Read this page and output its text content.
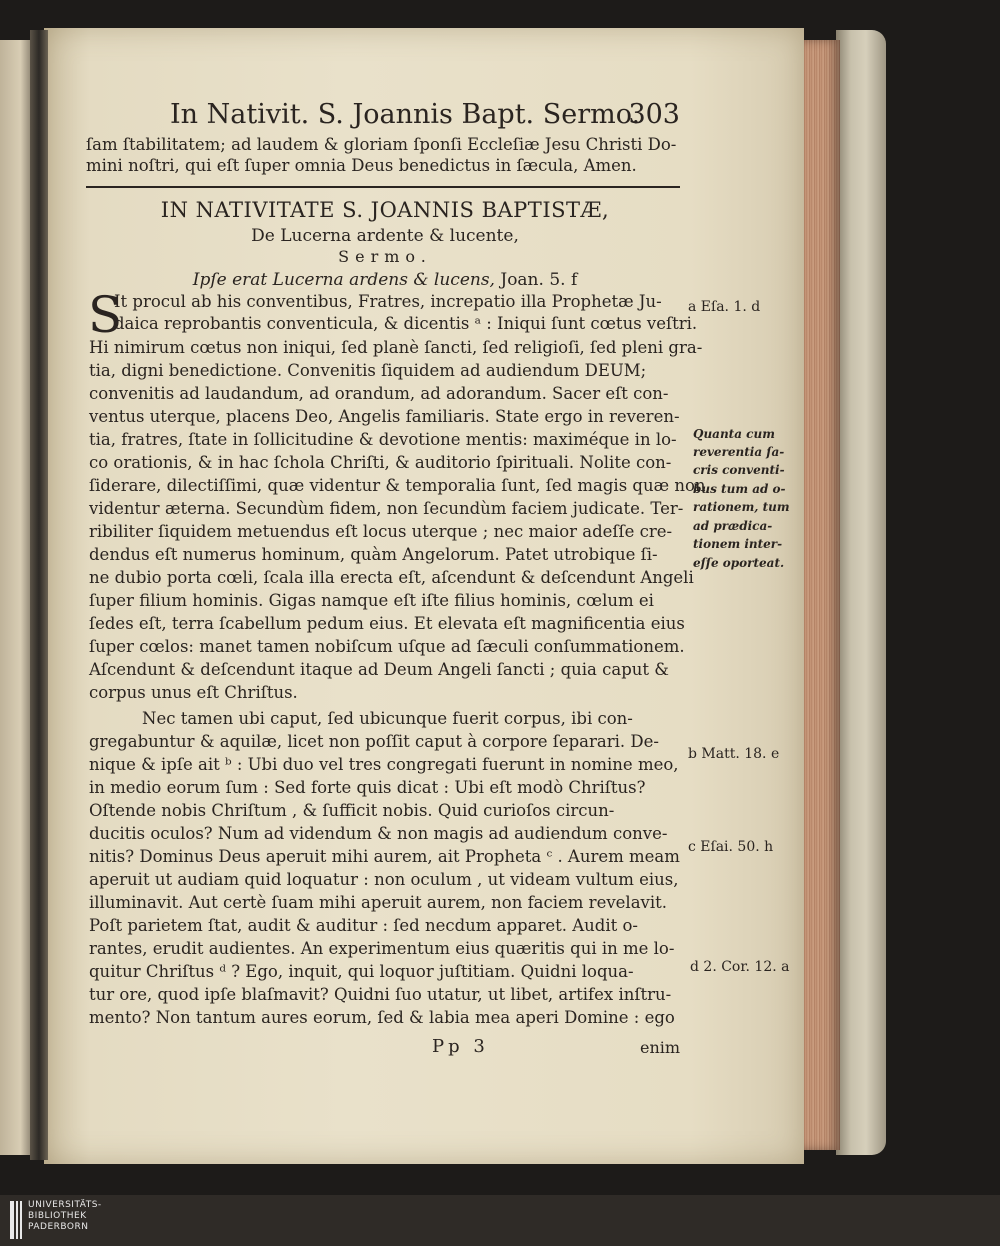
In Nativit. S. Joannis Bapt. Sermo.
303
ſam ſtabilitatem; ad laudem & gloriam ſponſi Eccleſiæ Jesu Christi Do-
mini noſtri, qui eſt ſuper omnia Deus benedictus in ſæcula, Amen.
IN NATIVITATE S. JOANNIS BAPTISTÆ,
De Lucerna ardente & lucente,
Sermo.
Ipſe erat Lucerna ardens & lucens, Joan. 5. f
S
It procul ab his conventibus, Fratres, increpatio illa Prophetæ Ju-
daica reprobantis conventicula, & dicentis ᵃ : Iniqui ſunt cœtus veſtri.
Hi nimirum cœtus non iniqui, ſed planè ſancti, ſed religioſi, ſed pleni gra-
tia, digni benedictione. Convenitis ſiquidem ad audiendum DEUM;
convenitis ad laudandum, ad orandum, ad adorandum. Sacer eſt con-
ventus uterque, placens Deo, Angelis familiaris. State ergo in reveren-
tia, fratres, ſtate in ſollicitudine & devotione mentis: maximéque in lo-
co orationis, & in hac ſchola Chriſti, & auditorio ſpirituali. Nolite con-
ſiderare, dilectiſſimi, quæ videntur & temporalia ſunt, ſed magis quæ non
videntur æterna. Secundùm fidem, non ſecundùm faciem judicate. Ter-
ribiliter ſiquidem metuendus eſt locus uterque ; nec maior adeſſe cre-
dendus eſt numerus hominum, quàm Angelorum. Patet utrobique ſi-
ne dubio porta cœli, ſcala illa erecta eſt, aſcendunt & deſcendunt Angeli
ſuper filium hominis. Gigas namque eſt iſte filius hominis, cœlum ei
ſedes eſt, terra ſcabellum pedum eius. Et elevata eſt magnificentia eius
ſuper cœlos: manet tamen nobiſcum uſque ad ſæculi conſummationem.
Aſcendunt & deſcendunt itaque ad Deum Angeli ſancti ; quia caput &
corpus unus eſt Chriſtus.
Nec tamen ubi caput, ſed ubicunque fuerit corpus, ibi con-
gregabuntur & aquilæ, licet non poſſit caput à corpore ſeparari. De-
nique & ipſe ait ᵇ : Ubi duo vel tres congregati fuerunt in nomine meo,
in medio eorum ſum : Sed forte quis dicat : Ubi eſt modò Chriſtus?
Oſtende nobis Chriſtum , & ſufficit nobis. Quid curioſos circun-
ducitis oculos? Num ad videndum & non magis ad audiendum conve-
nitis? Dominus Deus aperuit mihi aurem, ait Propheta ᶜ . Aurem meam
aperuit ut audiam quid loquatur : non oculum , ut videam vultum eius,
illuminavit. Aut certè ſuam mihi aperuit aurem, non faciem revelavit.
Poſt parietem ſtat, audit & auditur : ſed necdum apparet. Audit o-
rantes, erudit audientes. An experimentum eius quæritis qui in me lo-
quitur Chriſtus ᵈ ? Ego, inquit, qui loquor juſtitiam. Quidni loqua-
tur ore, quod ipſe blaſmavit? Quidni ſuo utatur, ut libet, artifex inſtru-
mento? Non tantum aures eorum, ſed & labia mea aperi Domine : ego
a Eſa. 1. d
b Matt. 18. e
c Eſai. 50. h
d 2. Cor. 12. a
Quanta cum
reverentia ſa-
cris conventi-
bus tum ad o-
rationem, tum
ad prædica-
tionem inter-
eſſe oporteat.
Pp 3	enim
UNIVERSITÄTS-
BIBLIOTHEK
PADERBORN
